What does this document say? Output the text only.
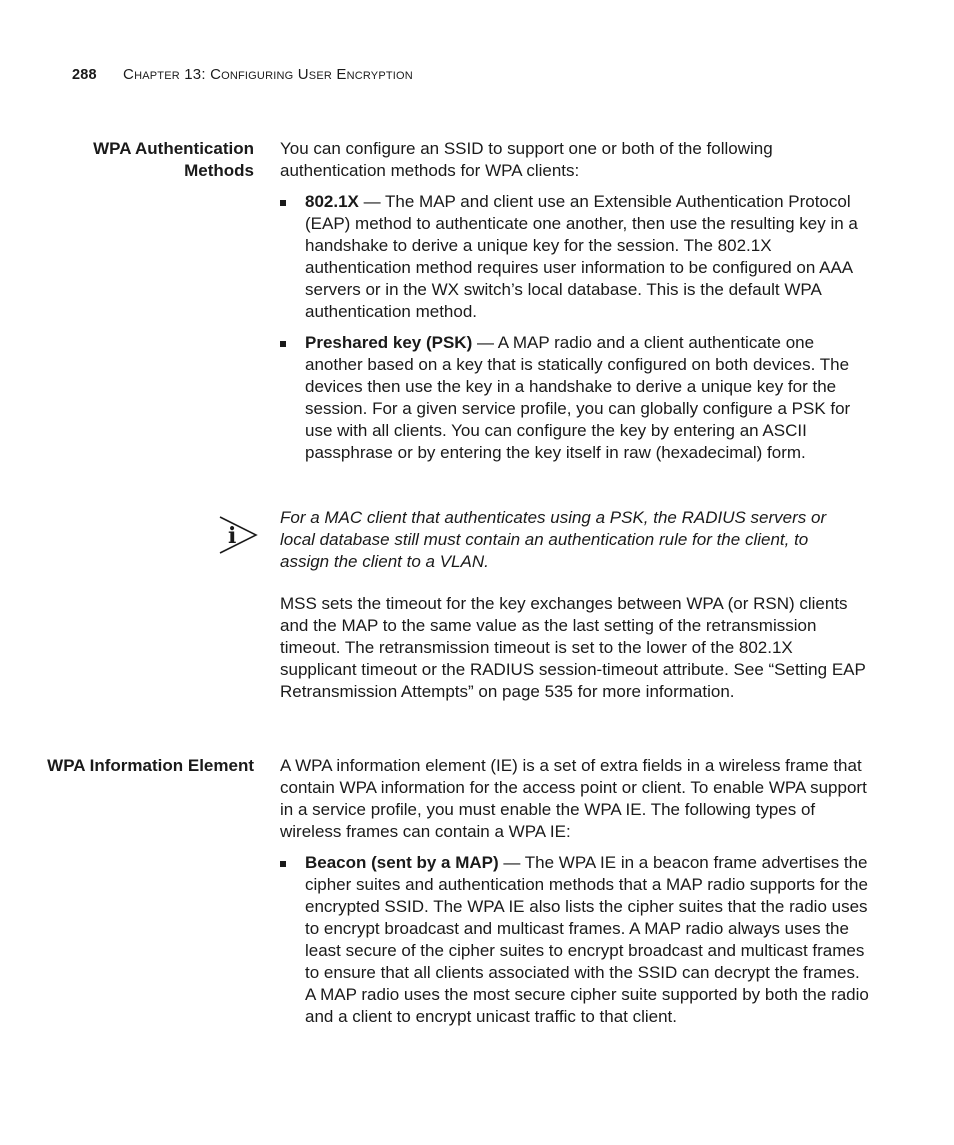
288 Chapter 13: Configuring User Encryption
WPA Authentication Methods

You can configure an SSID to support one or both of the following authentication methods for WPA clients:

802.1X — The MAP and client use an Extensible Authentication Protocol (EAP) method to authenticate one another, then use the resulting key in a handshake to derive a unique key for the session. The 802.1X authentication method requires user information to be configured on AAA servers or in the WX switch’s local database. This is the default WPA authentication method.
Preshared key (PSK) — A MAP radio and a client authenticate one another based on a key that is statically configured on both devices. The devices then use the key in a handshake to derive a unique key for the session. For a given service profile, you can globally configure a PSK for use with all clients. You can configure the key by entering an ASCII passphrase or by entering the key itself in raw (hexadecimal) form.
i
For a MAC client that authenticates using a PSK, the RADIUS servers or local database still must contain an authentication rule for the client, to assign the client to a VLAN.

MSS sets the timeout for the key exchanges between WPA (or RSN) clients and the MAP to the same value as the last setting of the retransmission timeout. The retransmission timeout is set to the lower of the 802.1X supplicant timeout or the RADIUS session-timeout attribute. See “Setting EAP Retransmission Attempts” on page 535 for more information.

WPA Information Element A WPA information element (IE) is a set of extra fields in a wireless frame that contain WPA information for the access point or client. To enable WPA support in a service profile, you must enable the WPA IE. The following types of wireless frames can contain a WPA IE:

Beacon (sent by a MAP) — The WPA IE in a beacon frame advertises the cipher suites and authentication methods that a MAP radio supports for the encrypted SSID. The WPA IE also lists the cipher suites that the radio uses to encrypt broadcast and multicast frames. A MAP radio always uses the least secure of the cipher suites to encrypt broadcast and multicast frames to ensure that all clients associated with the SSID can decrypt the frames. A MAP radio uses the most secure cipher suite supported by both the radio and a client to encrypt unicast traffic to that client.
